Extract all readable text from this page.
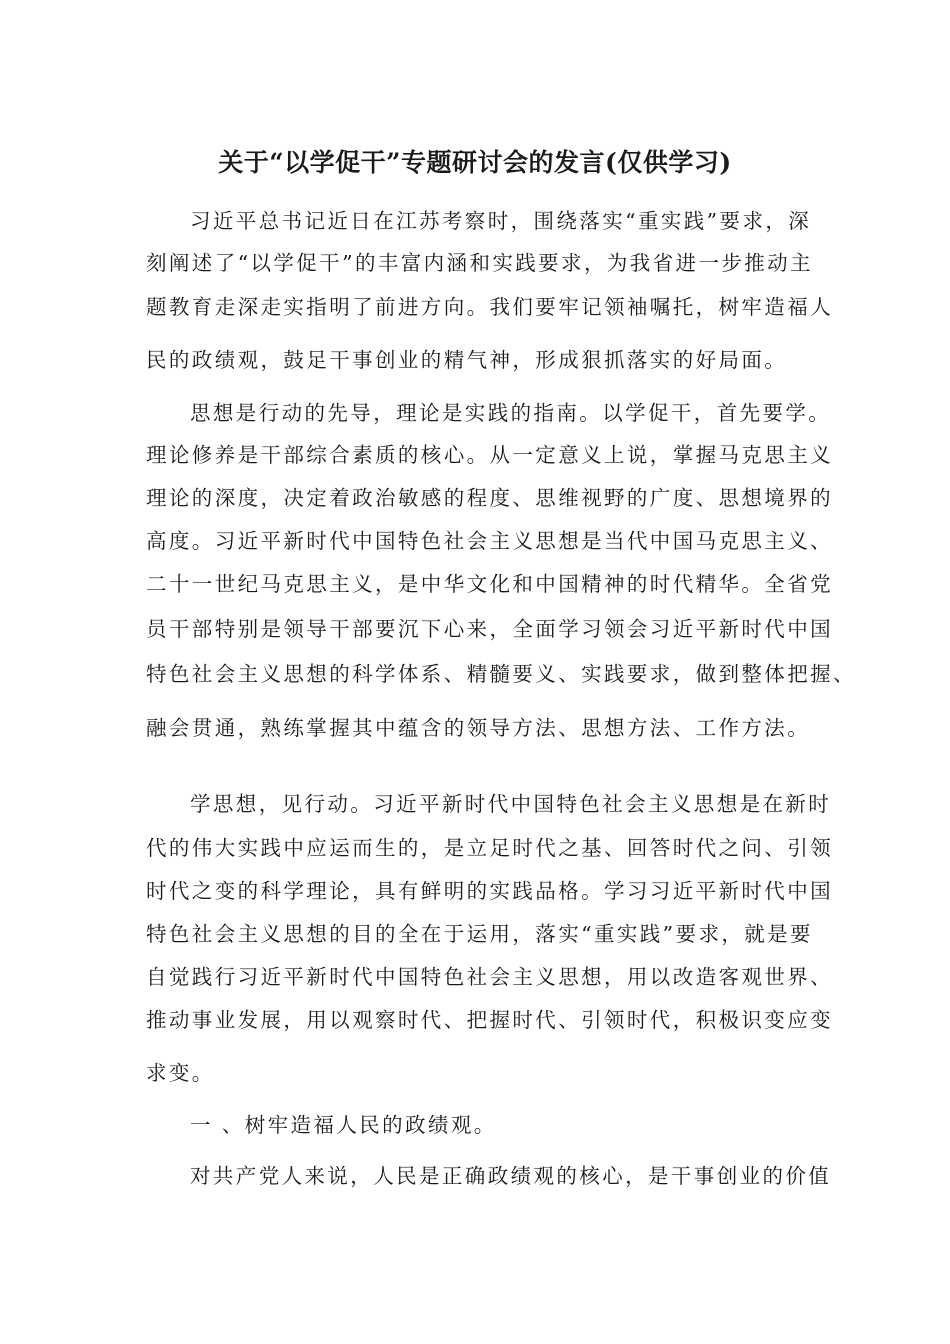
关于“以学促干”专题研讨会的发言(仅供学习)
习近平总书记近日在江苏考察时，围绕落实“重实践”要求，深
刻阐述了“以学促干”的丰富内涵和实践要求，为我省进一步推动主
题教育走深走实指明了前进方向。我们要牢记领袖嘱托，树牢造福人
民的政绩观，鼓足干事创业的精气神，形成狠抓落实的好局面。
思想是行动的先导，理论是实践的指南。以学促干，首先要学。
理论修养是干部综合素质的核心。从一定意义上说，掌握马克思主义
理论的深度，决定着政治敏感的程度、思维视野的广度、思想境界的
高度。习近平新时代中国特色社会主义思想是当代中国马克思主义、
二十一世纪马克思主义，是中华文化和中国精神的时代精华。全省党
员干部特别是领导干部要沉下心来，全面学习领会习近平新时代中国
特色社会主义思想的科学体系、精髓要义、实践要求，做到整体把握、
融会贯通，熟练掌握其中蕴含的领导方法、思想方法、工作方法。
学思想，见行动。习近平新时代中国特色社会主义思想是在新时
代的伟大实践中应运而生的，是立足时代之基、回答时代之问、引领
时代之变的科学理论，具有鲜明的实践品格。学习习近平新时代中国
特色社会主义思想的目的全在于运用，落实“重实践”要求，就是要
自觉践行习近平新时代中国特色社会主义思想，用以改造客观世界、
推动事业发展，用以观察时代、把握时代、引领时代，积极识变应变
求变。
一 、树牢造福人民的政绩观。
对共产党人来说，人民是正确政绩观的核心，是干事创业的价值
